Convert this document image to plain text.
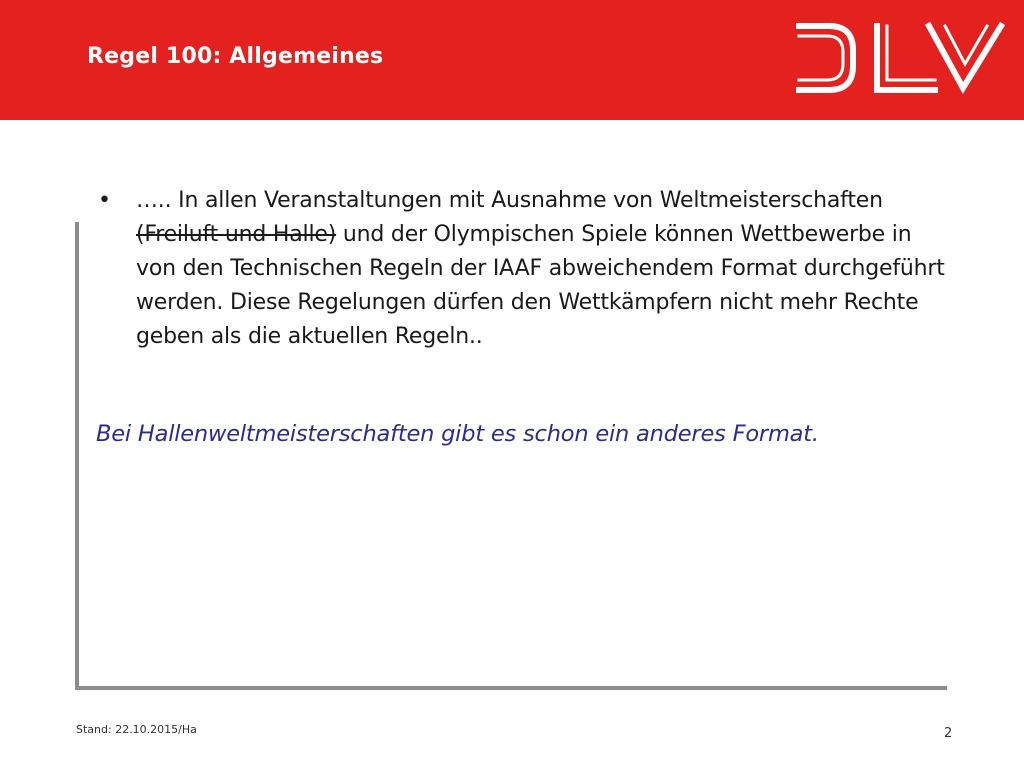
Regel 100: Allgemeines
•	….. In allen Veranstaltungen mit Ausnahme von Weltmeisterschaften (Freiluft und Halle) und der Olympischen Spiele können Wettbewerbe in von den Technischen Regeln der IAAF abweichendem Format durchgeführt werden. Diese Regelungen dürfen den Wettkämpfern nicht mehr Rechte geben als die aktuellen Regeln..
Bei Hallenweltmeisterschaften gibt es schon ein anderes Format.
Stand: 22.10.2015/Ha	2
